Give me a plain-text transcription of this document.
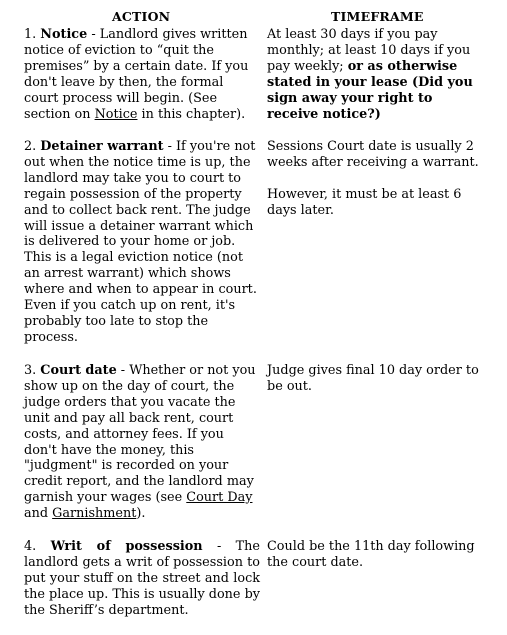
ACTION	TIMEFRAME
1. Notice - Landlord gives written notice of eviction to “quit the premises” by a certain date. If you don't leave by then, the formal court process will begin. (See section on Notice in this chapter).
At least 30 days if you pay monthly; at least 10 days if you pay weekly; or as otherwise stated in your lease (Did you sign away your right to receive notice?)
2. Detainer warrant - If you're not out when the notice time is up, the landlord may take you to court to regain possession of the property and to collect back rent. The judge will issue a detainer warrant which is delivered to your home or job. This is a legal eviction notice (not an arrest warrant) which shows where and when to appear in court. Even if you catch up on rent, it's probably too late to stop the process.
Sessions Court date is usually 2 weeks after receiving a warrant.
However, it must be at least 6 days later.
3. Court date - Whether or not you show up on the day of court, the judge orders that you vacate the unit and pay all back rent, court costs, and attorney fees. If you don't have the money, this "judgment" is recorded on your credit report, and the landlord may garnish your wages (see Court Day and Garnishment).
Judge gives final 10 day order to be out.
4. Writ of possession - The landlord gets a writ of possession to put your stuff on the street and lock the place up. This is usually done by the Sheriff’s department.
Could be the 11th day following the court date.
